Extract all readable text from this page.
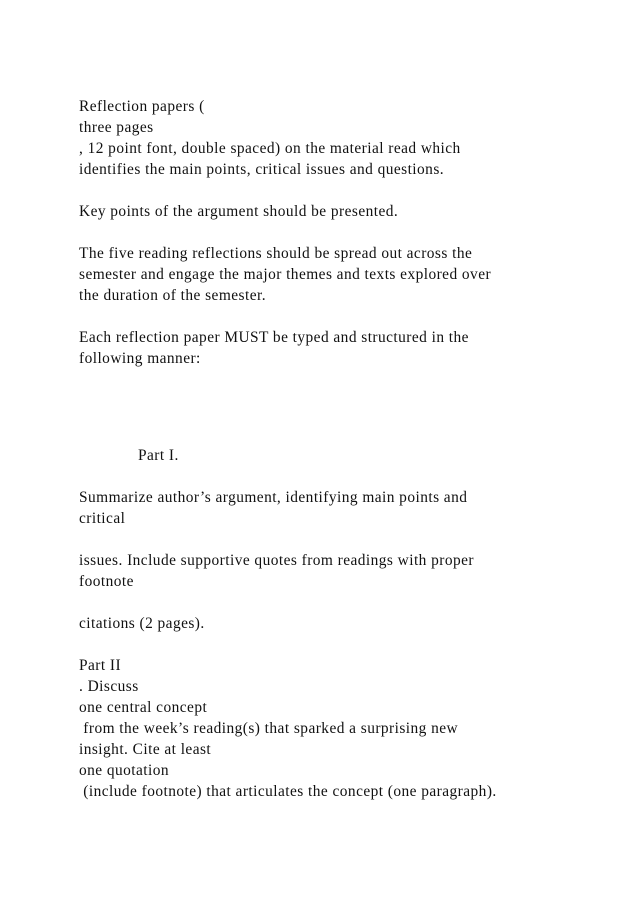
Reflection papers (
three pages
, 12 point font, double spaced) on the material read which
identifies the main points, critical issues and questions.
Key points of the argument should be presented.
The five reading reflections should be spread out across the
semester and engage the major themes and texts explored over
the duration of the semester.
Each reflection paper MUST be typed and structured in the
following manner:
Part I.
Summarize author’s argument, identifying main points and
critical
issues. Include supportive quotes from readings with proper
footnote
citations (2 pages).
Part II
. Discuss
one central concept
from the week’s reading(s) that sparked a surprising new
insight. Cite at least
one quotation
(include footnote) that articulates the concept (one paragraph).
